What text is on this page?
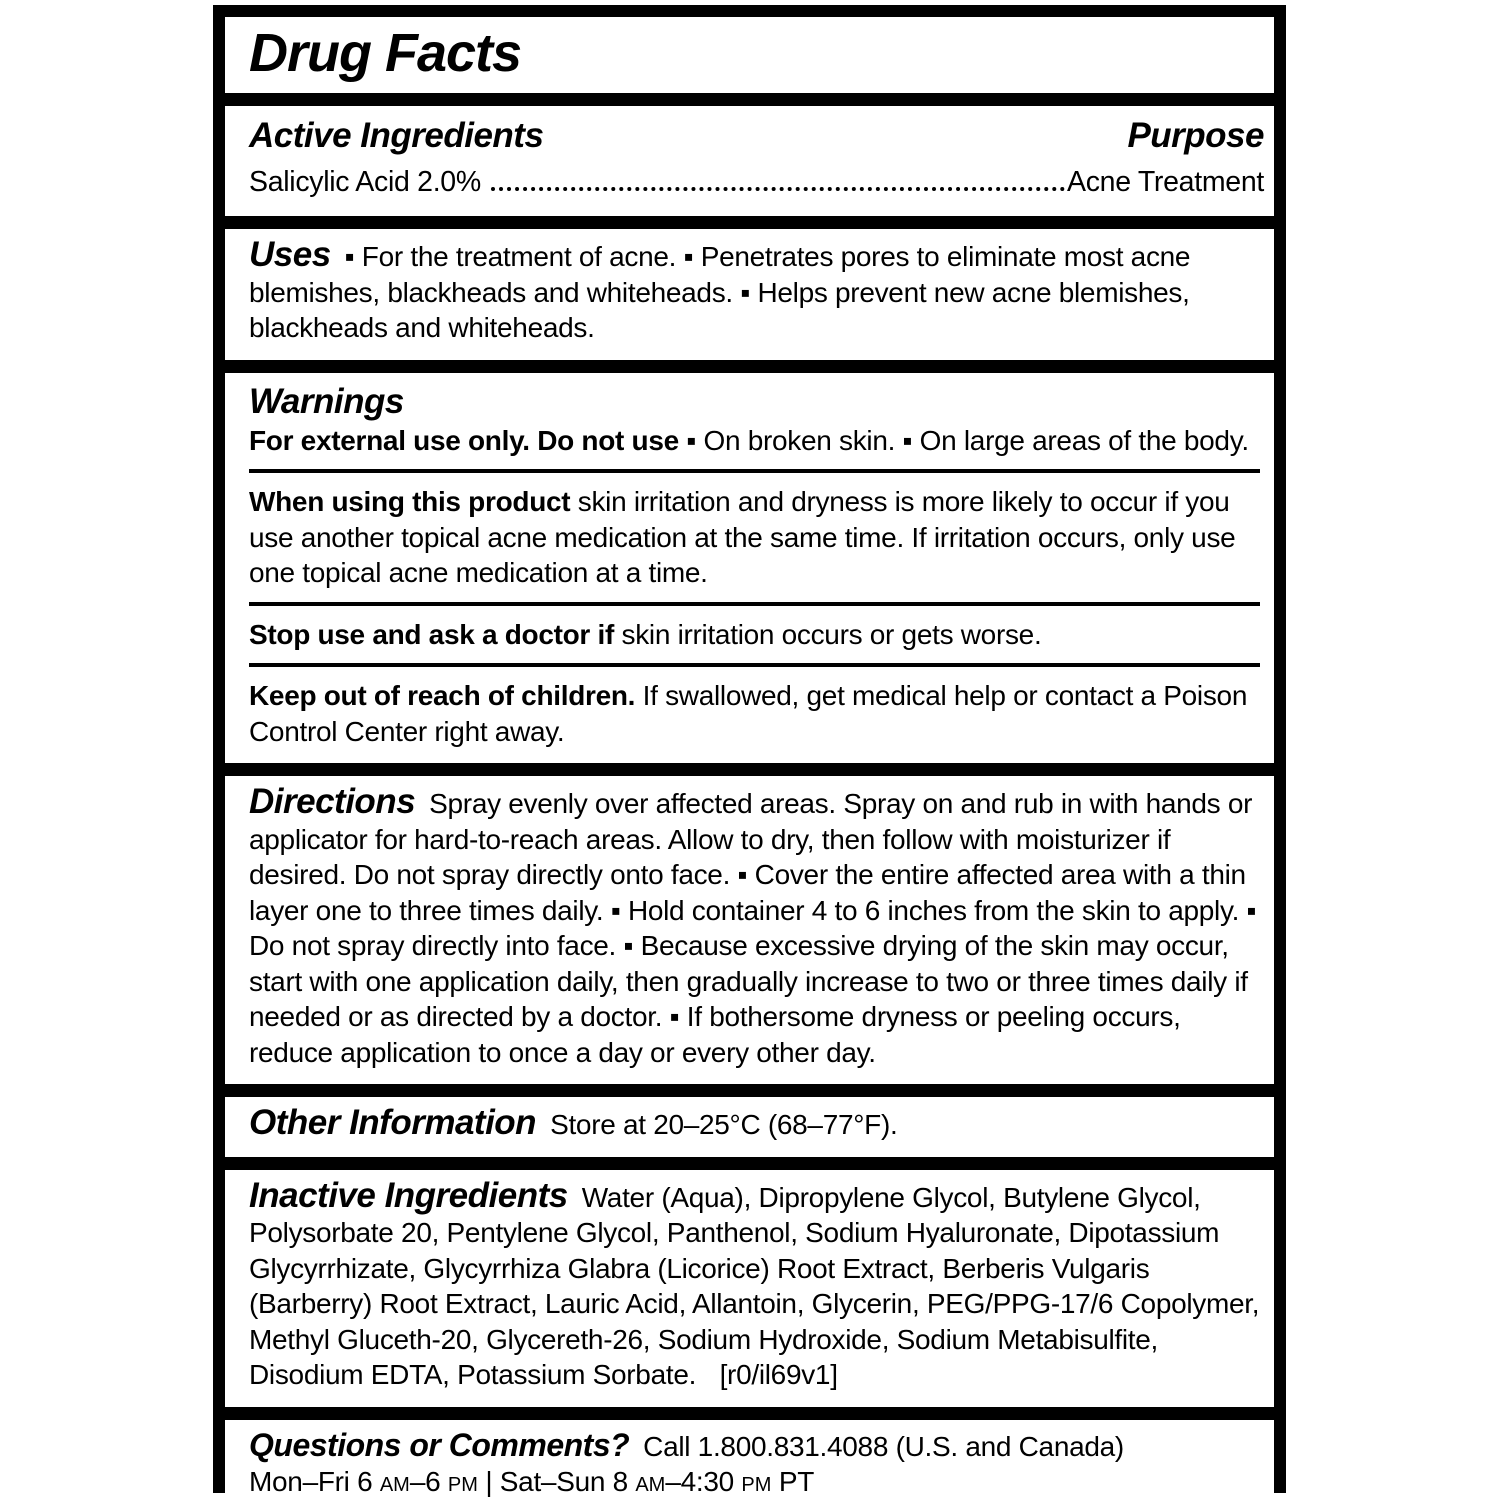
Drug Facts
Active Ingredients	Purpose
Salicylic Acid 2.0%	Acne Treatment

Uses ▪ For the treatment of acne. ▪ Penetrates pores to eliminate most acne blemishes, blackheads and whiteheads. ▪ Helps prevent new acne blemishes, blackheads and whiteheads.

Warnings

For external use only. Do not use ▪ On broken skin. ▪ On large areas of the body.

When using this product skin irritation and dryness is more likely to occur if you use another topical acne medication at the same time. If irritation occurs, only use one topical acne medication at a time.

Stop use and ask a doctor if skin irritation occurs or gets worse.

Keep out of reach of children. If swallowed, get medical help or contact a Poison Control Center right away.

Directions Spray evenly over affected areas. Spray on and rub in with hands or applicator for hard-to-reach areas. Allow to dry, then follow with moisturizer if desired. Do not spray directly onto face. ▪ Cover the entire affected area with a thin layer one to three times daily. ▪ Hold container 4 to 6 inches from the skin to apply. ▪ Do not spray directly into face. ▪ Because excessive drying of the skin may occur, start with one application daily, then gradually increase to two or three times daily if needed or as directed by a doctor. ▪ If bothersome dryness or peeling occurs, reduce application to once a day or every other day.

Other Information Store at 20–25°C (68–77°F).

Inactive Ingredients Water (Aqua), Dipropylene Glycol, Butylene Glycol, Polysorbate 20, Pentylene Glycol, Panthenol, Sodium Hyaluronate, Dipotassium Glycyrrhizate, Glycyrrhiza Glabra (Licorice) Root Extract, Berberis Vulgaris (Barberry) Root Extract, Lauric Acid, Allantoin, Glycerin, PEG/PPG-17/6 Copolymer, Methyl Gluceth-20, Glycereth-26, Sodium Hydroxide, Sodium Metabisulfite, Disodium EDTA, Potassium Sorbate. [r0/il69v1]

Questions or Comments? Call 1.800.831.4088 (U.S. and Canada)

Mon–Fri 6 AM–6 PM | Sat–Sun 8 AM–4:30 PM PT
